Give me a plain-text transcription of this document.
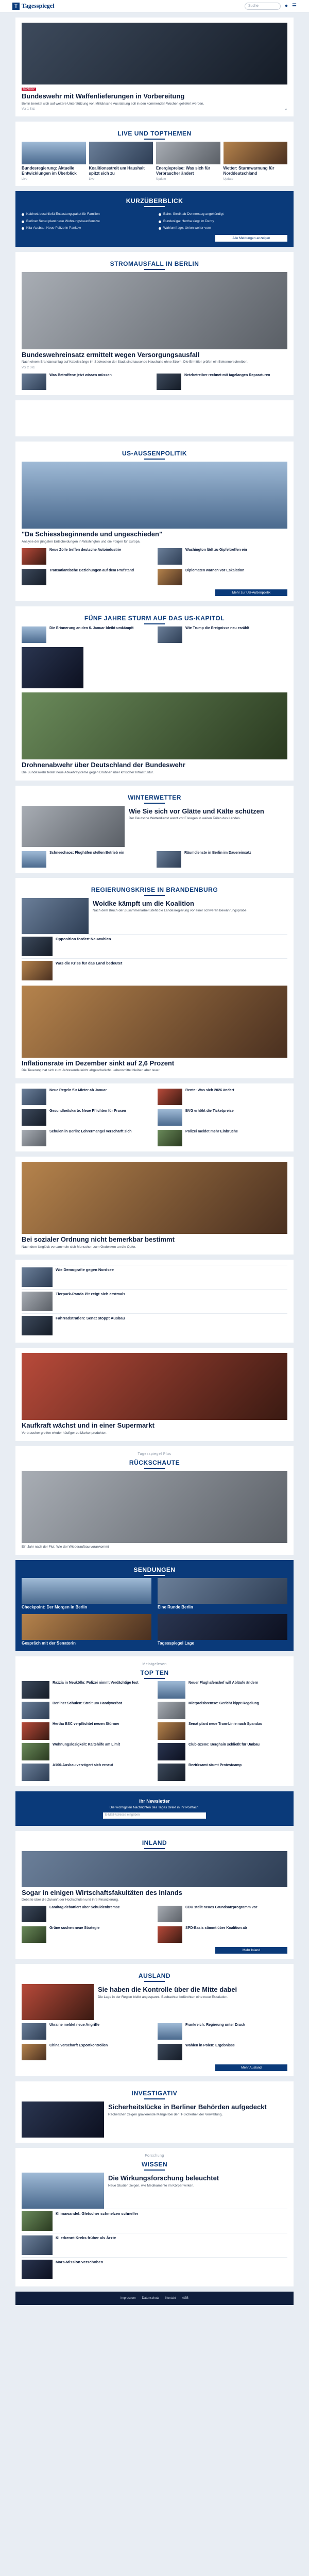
T Tagesspiegel	Suche	● ☰
Exklusiv
Bundeswehr mit Waffenlieferungen in Vorbereitung

Berlin bereitet sich auf weitere Unterstützung vor. Militärische Ausrüstung soll in den kommenden Wochen geliefert werden.

Vor 1 Std.	★
LIVE UND TOPTHEMEN
Bundesregierung: Aktuelle Entwicklungen im Überblick
Live
Koalitionsstreit um Haushalt spitzt sich zu
Live
Energiepreise: Was sich für Verbraucher ändert
Update
Wetter: Sturmwarnung für Norddeutschland
Update
KURZÜBERBLICK
Kabinett beschließt Entlastungspaket für Familien	Bahn: Streik ab Donnerstag angekündigt
Berliner Senat plant neue Wohnungsbauoffensive	Bundesliga: Hertha siegt im Derby
Kita-Ausbau: Neue Plätze in Pankow	Wahlumfrage: Union weiter vorn
Alle Meldungen anzeigen
STROMAUSFALL IN BERLIN
Bundeswehreinsatz ermittelt wegen Versorgungsausfall

Nach einem Brandanschlag auf Kabelstränge im Südwesten der Stadt sind tausende Haushalte ohne Strom. Die Ermittler prüfen ein Bekennerschreiben.

Vor 2 Std.
Was Betroffene jetzt wissen müssen	Netzbetreiber rechnet mit tagelangen Reparaturen
US-AUSSENPOLITIK
"Da Schiessbeginnende und ungeschieden"

Analyse der jüngsten Entscheidungen in Washington und die Folgen für Europa.

Neue Zölle treffen deutsche Autoindustrie	Washington lädt zu Gipfeltreffen ein
Transatlantische Beziehungen auf dem Prüfstand	Diplomaten warnen vor Eskalation
Mehr zur US-Außenpolitik
FÜNF JAHRE STURM AUF DAS US-KAPITOL
Die Erinnerung an den 6. Januar bleibt umkämpft	Wie Trump die Ereignisse neu erzählt
Drohnenabwehr über Deutschland der Bundeswehr

Die Bundeswehr testet neue Abwehrsysteme gegen Drohnen über kritischer Infrastruktur.

WINTERWETTER
Wie Sie sich vor Glätte und Kälte schützen

Der Deutsche Wetterdienst warnt vor Eisregen in weiten Teilen des Landes.

Schneechaos: Flughäfen stellen Betrieb ein	Räumdienste in Berlin im Dauereinsatz
REGIERUNGSKRISE IN BRANDENBURG
Woidke kämpft um die Koalition

Nach dem Bruch der Zusammenarbeit steht die Landesregierung vor einer schweren Bewährungsprobe.

Opposition fordert Neuwahlen
Was die Krise für das Land bedeutet
Inflationsrate im Dezember sinkt auf 2,6 Prozent

Die Teuerung hat sich zum Jahresende leicht abgeschwächt. Lebensmittel bleiben aber teuer.

Neue Regeln für Mieter ab Januar	Rente: Was sich 2026 ändert
Gesundheitskarte: Neue Pflichten für Praxen	BVG erhöht die Ticketpreise
Schulen in Berlin: Lehrermangel verschärft sich	Polizei meldet mehr Einbrüche
Bei sozialer Ordnung nicht bemerkbar bestimmt

Nach dem Unglück versammeln sich Menschen zum Gedenken an die Opfer.

Wie Demografie gegen Nordsee
Tierpark-Panda Pit zeigt sich erstmals
Fahrradstraßen: Senat stoppt Ausbau
Kaufkraft wächst und in einer Supermarkt

Verbraucher greifen wieder häufiger zu Markenprodukten.

Tagesspiegel Plus
RÜCKSCHAUTE

Ein Jahr nach der Flut: Wie der Wiederaufbau vorankommt

SENDUNGEN
Checkpoint: Der Morgen in Berlin	Eine Runde Berlin
Gespräch mit der Senatorin	Tagesspiegel Lage
Meistgelesen
TOP TEN
Razzia in Neukölln: Polizei nimmt Verdächtige fest	Neuer Flughafenchef will Abläufe ändern
Berliner Schulen: Streit um Handyverbot	Mietpreisbremse: Gericht kippt Regelung
Hertha BSC verpflichtet neuen Stürmer	Senat plant neue Tram-Linie nach Spandau
Wohnungslosigkeit: Kältehilfe am Limit	Club-Szene: Berghain schließt für Umbau
A100-Ausbau verzögert sich erneut	Bezirksamt räumt Protestcamp
Ihr Newsletter
Die wichtigsten Nachrichten des Tages direkt in Ihr Postfach.
E-Mail-Adresse eingeben
INLAND
Sogar in einigen Wirtschaftsfakultäten des Inlands

Debatte über die Zukunft der Hochschulen und ihre Finanzierung.

Landtag debattiert über Schuldenbremse	CDU stellt neues Grundsatzprogramm vor
Grüne suchen neue Strategie	SPD-Basis stimmt über Koalition ab
Mehr Inland
AUSLAND
Sie haben die Kontrolle über die Mitte dabei

Die Lage in der Region bleibt angespannt. Beobachter befürchten eine neue Eskalation.

Ukraine meldet neue Angriffe	Frankreich: Regierung unter Druck
China verschärft Exportkontrollen	Wahlen in Polen: Ergebnisse
Mehr Ausland
INVESTIGATIV
Sicherheitslücke in Berliner Behörden aufgedeckt

Recherchen zeigen gravierende Mängel bei der IT-Sicherheit der Verwaltung.

Forschung
WISSEN
Die Wirkungsforschung beleuchtet

Neue Studien zeigen, wie Medikamente im Körper wirken.

Klimawandel: Gletscher schmelzen schneller
KI erkennt Krebs früher als Ärzte
Mars-Mission verschoben
Impressum Datenschutz Kontakt AGB
